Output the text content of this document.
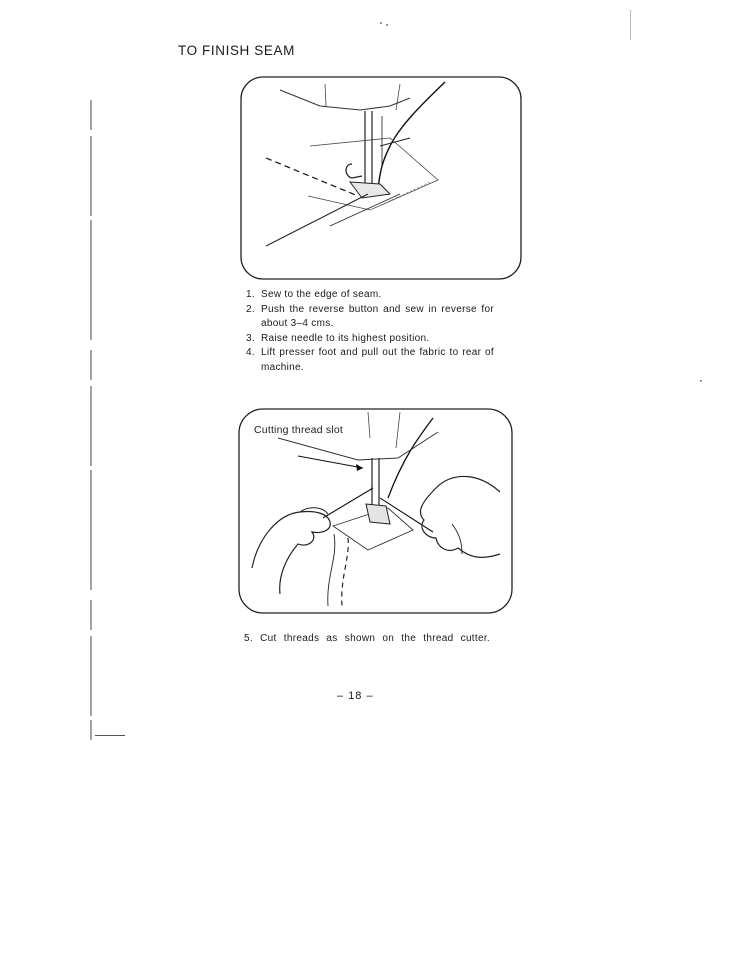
TO FINISH SEAM
1. Sew to the edge of seam.
2. Push the reverse button and sew in reverse for about 3–4 cms.
3. Raise needle to its highest position.
4. Lift presser foot and pull out the fabric to rear of machine.
Cutting thread slot

5. Cut threads as shown on the thread cutter.

– 18 –
